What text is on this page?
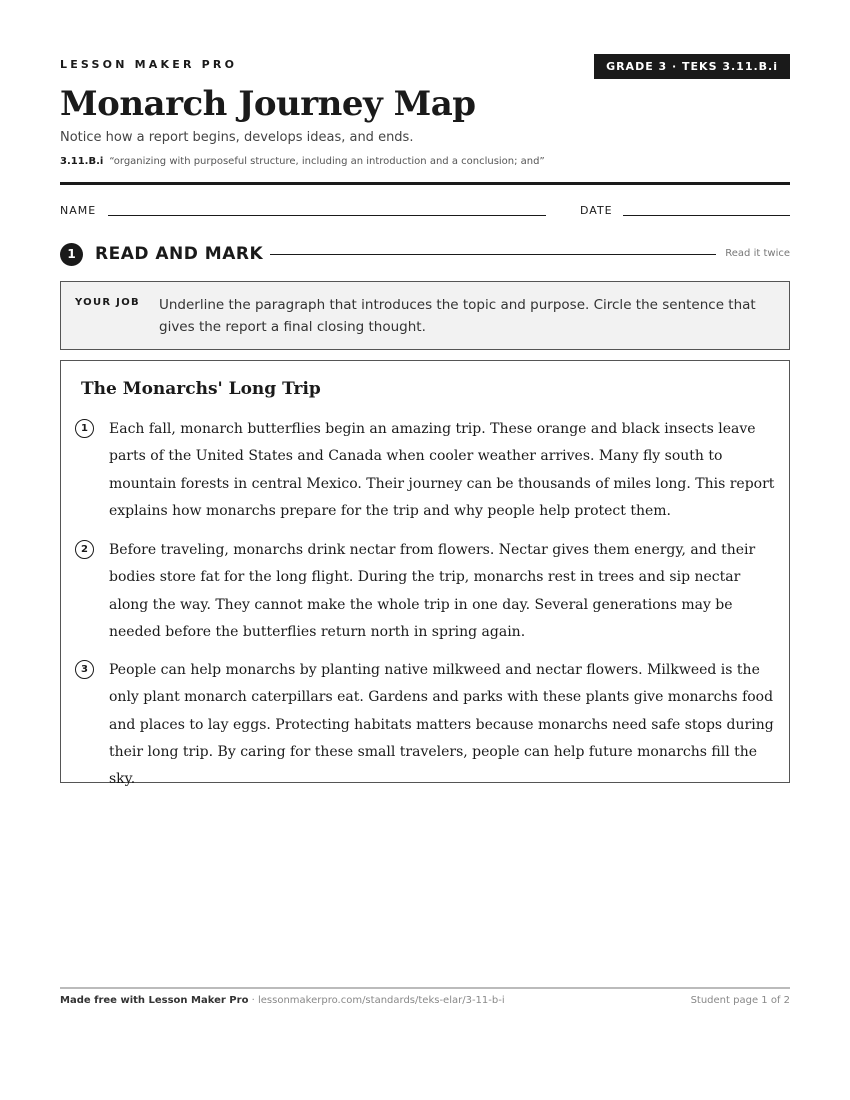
LESSON MAKER PRO	GRADE 3 · TEKS 3.11.B.i
Monarch Journey Map
Notice how a report begins, develops ideas, and ends.
3.11.B.i “organizing with purposeful structure, including an introduction and a conclusion; and”
NAME	DATE
1	READ AND MARK	Read it twice
YOUR JOB Underline the paragraph that introduces the topic and purpose. Circle the sentence that gives the report a final closing thought.
The Monarchs' Long Trip
1	Each fall, monarch butterflies begin an amazing trip. These orange and black insects leave parts of the United States and Canada when cooler weather arrives. Many fly south to mountain forests in central Mexico. Their journey can be thousands of miles long. This report explains how monarchs prepare for the trip and why people help protect them.
2	Before traveling, monarchs drink nectar from flowers. Nectar gives them energy, and their bodies store fat for the long flight. During the trip, monarchs rest in trees and sip nectar along the way. They cannot make the whole trip in one day. Several generations may be needed before the butterflies return north in spring again.
3	People can help monarchs by planting native milkweed and nectar flowers. Milkweed is the only plant monarch caterpillars eat. Gardens and parks with these plants give monarchs food and places to lay eggs. Protecting habitats matters because monarchs need safe stops during their long trip. By caring for these small travelers, people can help future monarchs fill the sky.
Made free with Lesson Maker Pro · lessonmakerpro.com/standards/teks-elar/3-11-b-i	Student page 1 of 2
